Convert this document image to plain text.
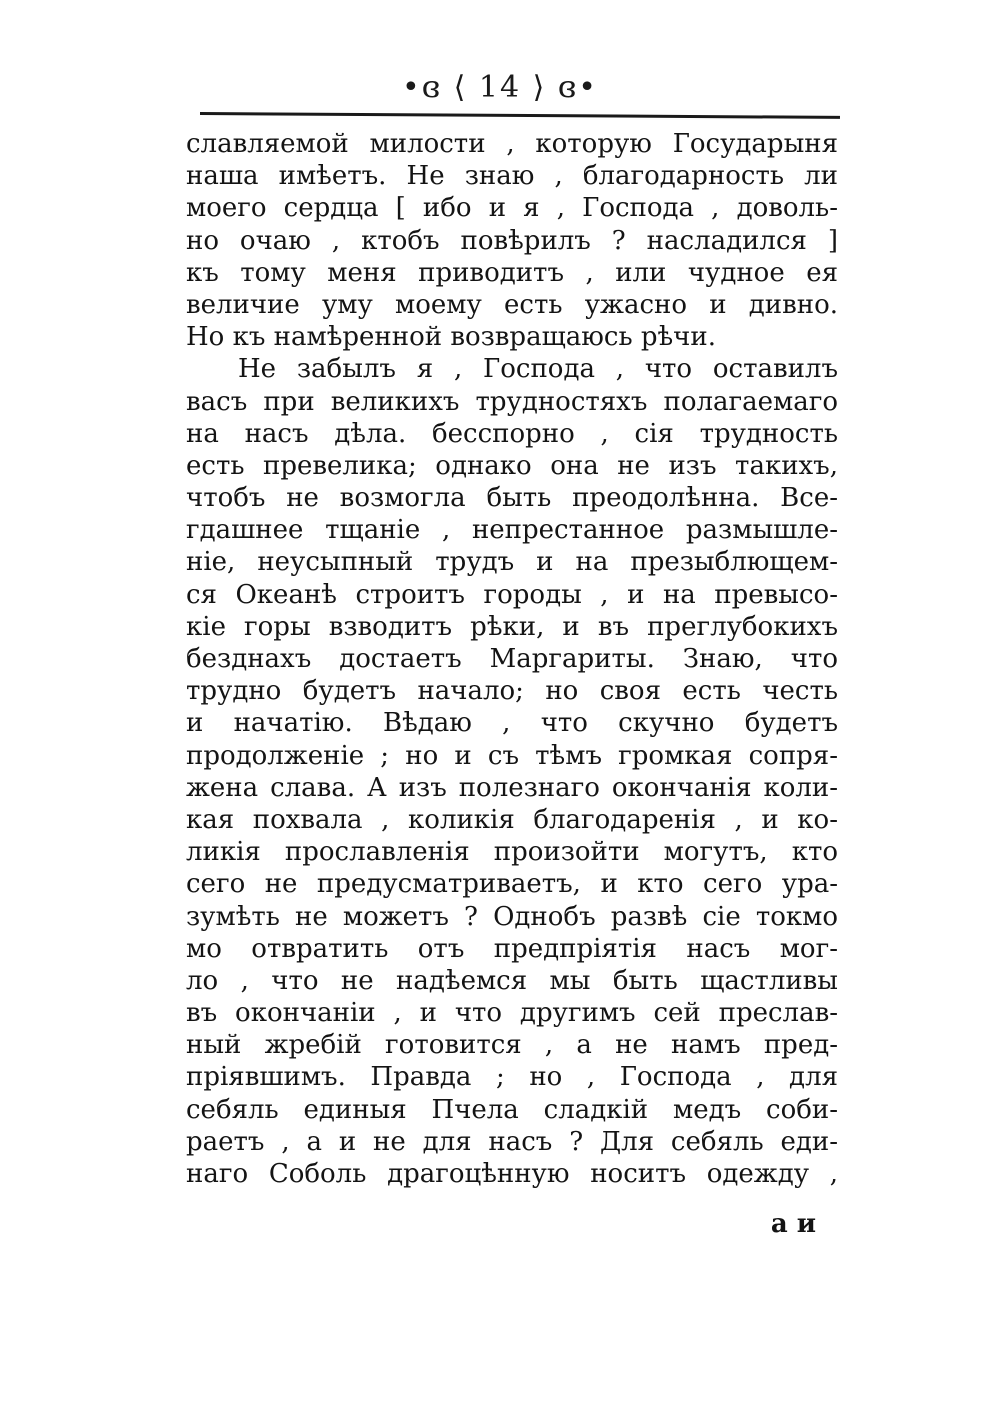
•ɞ ⟨ 14 ⟩ ɞ•
славляемой милости , которую Государыня
наша имѣетъ. Не знаю , благодарность ли
моего сердца [ ибо и я , Господа , доволь-
но очаю , ктобъ повѣрилъ ? насладился ]
къ тому меня приводитъ , или чудное ея
величие уму моему есть ужасно и дивно.
Но къ намѣренной возвращаюсь рѣчи.
Не забылъ я , Господа , что оставилъ
васъ при великихъ трудностяхъ полагаемаго
на насъ дѣла. бесспорно , сія трудность
есть превелика; однако она не изъ такихъ,
чтобъ не возмогла быть преодолѣнна. Все-
гдашнее тщаніе , непрестанное размышле-
ніе, неусыпный трудъ и на презыблющем-
ся Океанѣ строитъ городы , и на превысо-
кіе горы взводитъ рѣки, и въ преглубокихъ
безднахъ достаетъ Маргариты. Знаю, что
трудно будетъ начало; но своя есть честь
и начатію. Вѣдаю , что скучно будетъ
продолженіе ; но и съ тѣмъ громкая сопря-
жена слава. А изъ полезнаго окончанія коли-
кая похвала , коликія благодаренія , и ко-
ликія прославленія произойти могутъ, кто
сего не предусматриваетъ, и кто сего ура-
зумѣть не можетъ ? Однобъ развѣ сіе токмо
мо отвратить отъ предпріятія насъ мог-
ло , что не надѣемся мы быть щастливы
въ окончаніи , и что другимъ сей преслав-
ный жребій готовится , а не намъ пред-
пріявшимъ. Правда ; но , Господа , для
себяль единыя Пчела сладкій медъ соби-
раетъ , а и не для насъ ? Для себяль еди-
наго Соболь драгоцѣнную носитъ одежду ,
а и
